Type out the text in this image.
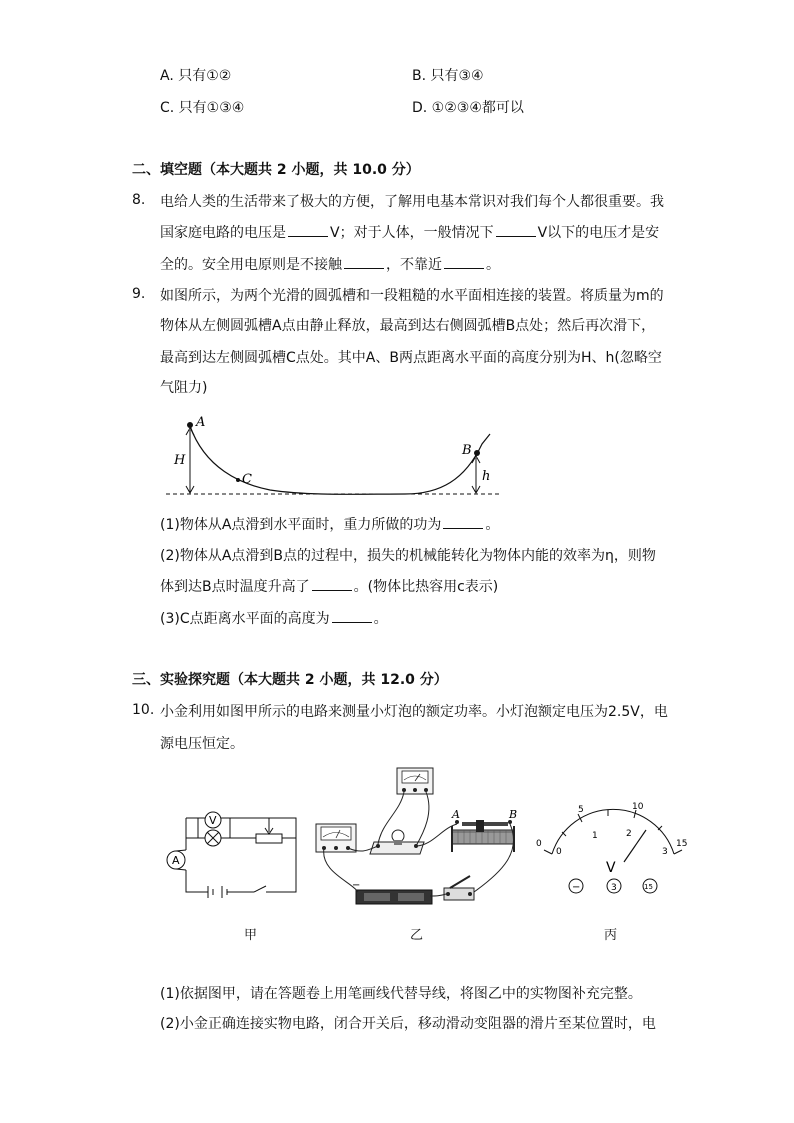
A. 只有①②	B. 只有③④
C. 只有①③④	D. ①②③④都可以
二、填空题（本大题共 2 小题，共 10.0 分）
8. 电给人类的生活带来了极大的方便，了解用电基本常识对我们每个人都很重要。我
国家庭电路的电压是	V；对于人体，一般情况下	V以下的电压才是安
全的。安全用电原则是不接触	，不靠近	。
9. 如图所示，为两个光滑的圆弧槽和一段粗糙的水平面相连接的装置。将质量为m的
物体从左侧圆弧槽A点由静止释放，最高到达右侧圆弧槽B点处；然后再次滑下，
最高到达左侧圆弧槽C点处。其中A、B两点距离水平面的高度分别为H、h(忽略空
气阻力)
A
H
C
B
h
(1)物体从A点滑到水平面时，重力所做的功为	。
(2)物体从A点滑到B点的过程中，损失的机械能转化为物体内能的效率为η，则物
体到达B点时温度升高了	。(物体比热容用c表示)
(3)C点距离水平面的高度为	。
三、实验探究题（本大题共 2 小题，共 12.0 分）
10. 小金利用如图甲所示的电路来测量小灯泡的额定功率。小灯泡额定电压为2.5V，电
源电压恒定。
V
A
A	B
−
0
5	10
15
0
1	2
3
V
−	3	15
甲	乙	丙
(1)依据图甲，请在答题卷上用笔画线代替导线，将图乙中的实物图补充完整。
(2)小金正确连接实物电路，闭合开关后，移动滑动变阻器的滑片至某位置时，电
